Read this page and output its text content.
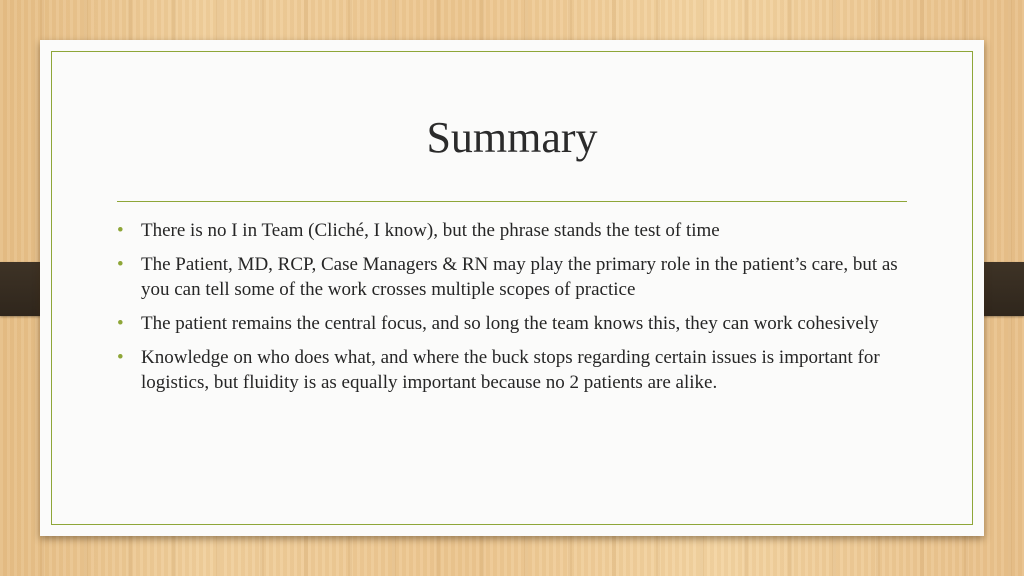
Summary
• There is no I in Team (Cliché, I know), but the phrase stands the test of time
• The Patient, MD, RCP, Case Managers & RN may play the primary role in the patient’s care, but as you can tell some of the work crosses multiple scopes of practice
• The patient remains the central focus, and so long the team knows this, they can work cohesively
• Knowledge on who does what, and where the buck stops regarding certain issues is important for logistics, but fluidity is as equally important because no 2 patients are alike.
